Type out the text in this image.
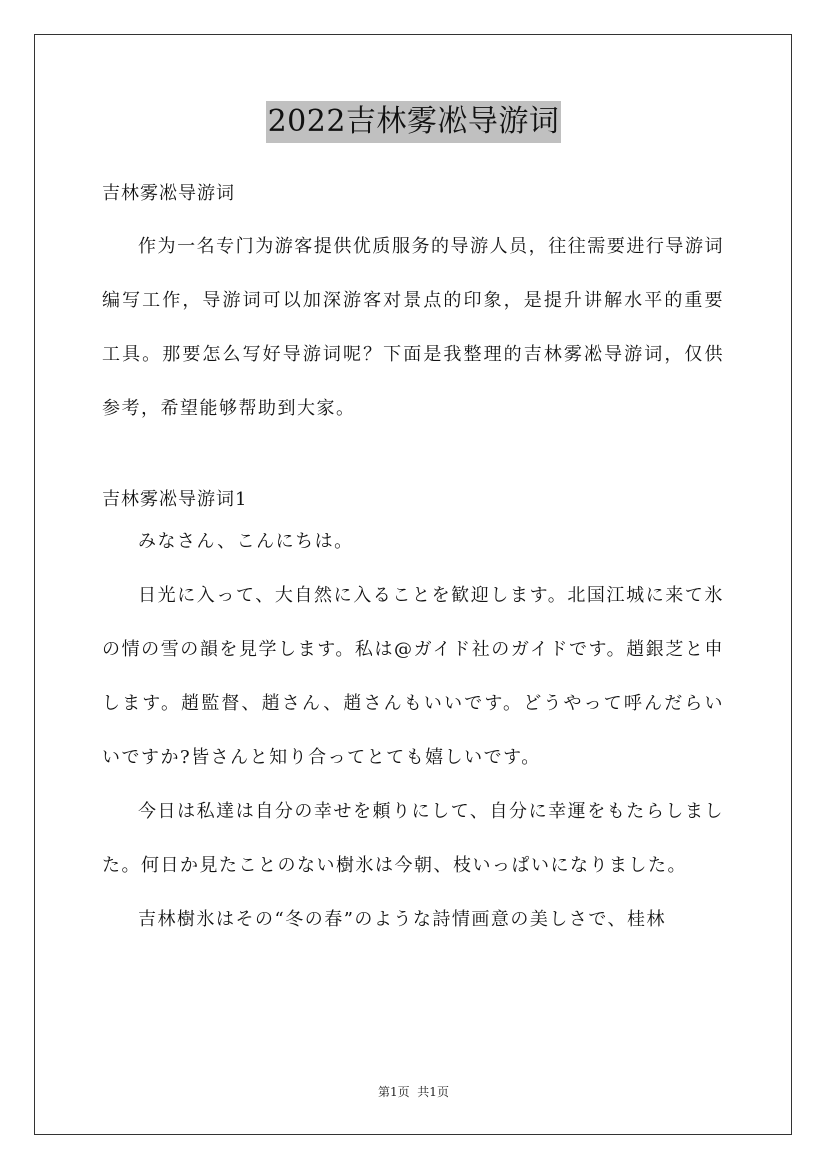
2022吉林雾凇导游词
吉林雾凇导游词

作为一名专门为游客提供优质服务的导游人员，往往需要进行导游词编写工作，导游词可以加深游客对景点的印象，是提升讲解水平的重要工具。那要怎么写好导游词呢？下面是我整理的吉林雾凇导游词，仅供参考，希望能够帮助到大家。

吉林雾凇导游词1

みなさん、こんにちは。

日光に入って、大自然に入ることを歓迎します。北国江城に来て氷の情の雪の韻を見学します。私は@ガイド社のガイドです。趙銀芝と申します。趙監督、趙さん、趙さんもいいです。どうやって呼んだらいいですか?皆さんと知り合ってとても嬉しいです。

今日は私達は自分の幸せを頼りにして、自分に幸運をもたらしました。何日か見たことのない樹氷は今朝、枝いっぱいになりました。

吉林樹氷はその“冬の春”のような詩情画意の美しさで、桂林

第1页  共1页
